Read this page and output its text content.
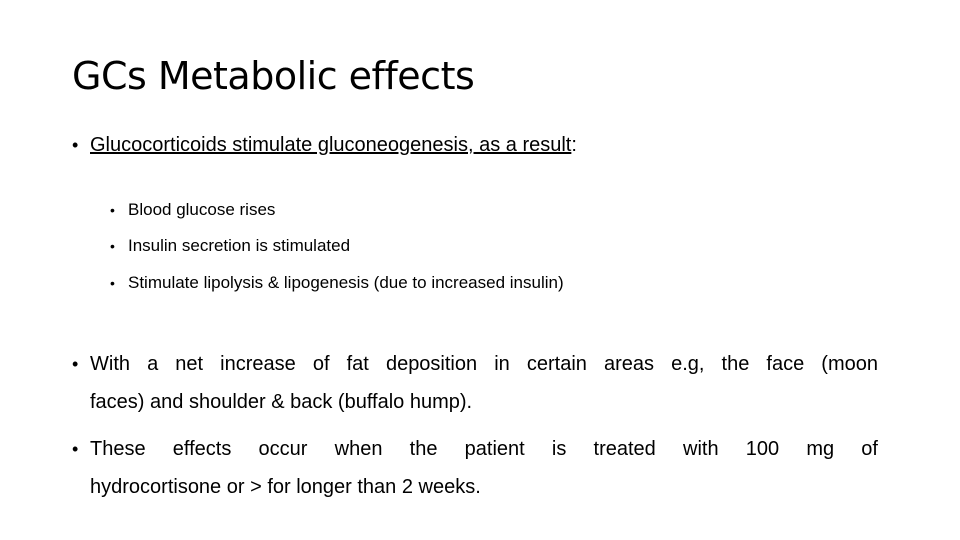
GCs Metabolic effects
• Glucocorticoids stimulate gluconeogenesis, as a result:
• Blood glucose rises
• Insulin secretion is stimulated
• Stimulate lipolysis & lipogenesis (due to increased insulin)
• With a net increase of fat deposition in certain areas e.g, the face (moon
faces) and shoulder & back (buffalo hump).
• These effects occur when the patient is treated with 100 mg of
hydrocortisone or > for longer than 2 weeks.
